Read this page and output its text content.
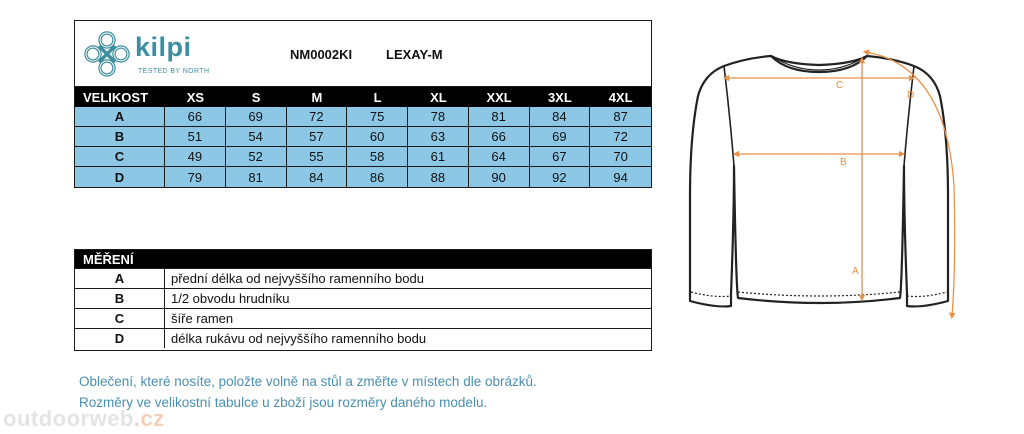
kilpi
TESTED BY NORTH
NM0002KI	LEXAY-M
VELIKOST	XS	S	M	L	XL	XXL	3XL	4XL
A	66	69	72	75	78	81	84	87
B	51	54	57	60	63	66	69	72
C	49	52	55	58	61	64	67	70
D	79	81	84	86	88	90	92	94
MĚŘENÍ
A	přední délka od nejvyššího ramenního bodu
B	1/2 obvodu hrudníku
C	šíře ramen
D	délka rukávu od nejvyššího ramenního bodu
Oblečení, které nosíte, položte volně na stůl a změřte v místech dle obrázků.
Rozměry ve velikostní tabulce u zboží jsou rozměry daného modelu.
outdoorweb.cz
C
B
A
D
